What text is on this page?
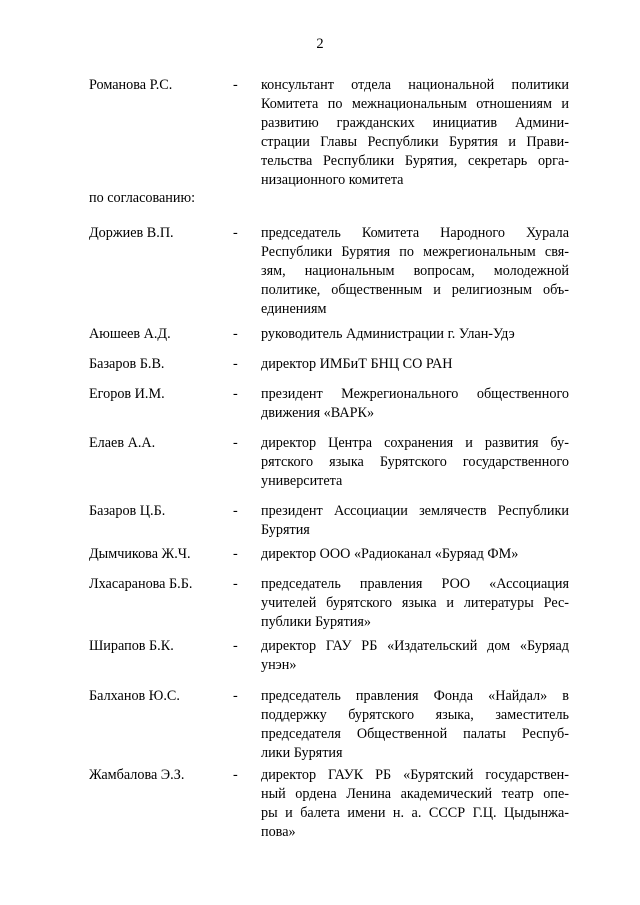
2
по согласованию:
Романова Р.С.	- консультант отдела национальной политики
Комитета по межнациональным отношениям и
развитию гражданских инициатив Админи-
страции Главы Республики Бурятия и Прави-
тельства Республики Бурятия, секретарь орга-
низационного комитета
Доржиев В.П.	- председатель Комитета Народного Хурала
Республики Бурятия по межрегиональным свя-
зям, национальным вопросам, молодежной
политике, общественным и религиозным объ-
единениям
Аюшеев А.Д.	- руководитель Администрации г. Улан-Удэ
Базаров Б.В.	- директор ИМБиТ БНЦ СО РАН
Егоров И.М.	- президент Межрегионального общественного
движения «ВАРК»
Елаев А.А.	- директор Центра сохранения и развития бу-
рятского языка Бурятского государственного
университета
Базаров Ц.Б.	- президент Ассоциации землячеств Республики
Бурятия
Дымчикова Ж.Ч.	- директор ООО «Радиоканал «Буряад ФМ»
Лхасаранова Б.Б.	- председатель правления РОО «Ассоциация
учителей бурятского языка и литературы Рес-
публики Бурятия»
Ширапов Б.К.	- директор ГАУ РБ «Издательский дом «Буряад
унэн»
Балханов Ю.С.	- председатель правления Фонда «Найдал» в
поддержку бурятского языка, заместитель
председателя Общественной палаты Респуб-
лики Бурятия
Жамбалова Э.З.	- директор ГАУК РБ «Бурятский государствен-
ный ордена Ленина академический театр опе-
ры и балета имени н. а. СССР Г.Ц. Цыдынжа-
пова»
